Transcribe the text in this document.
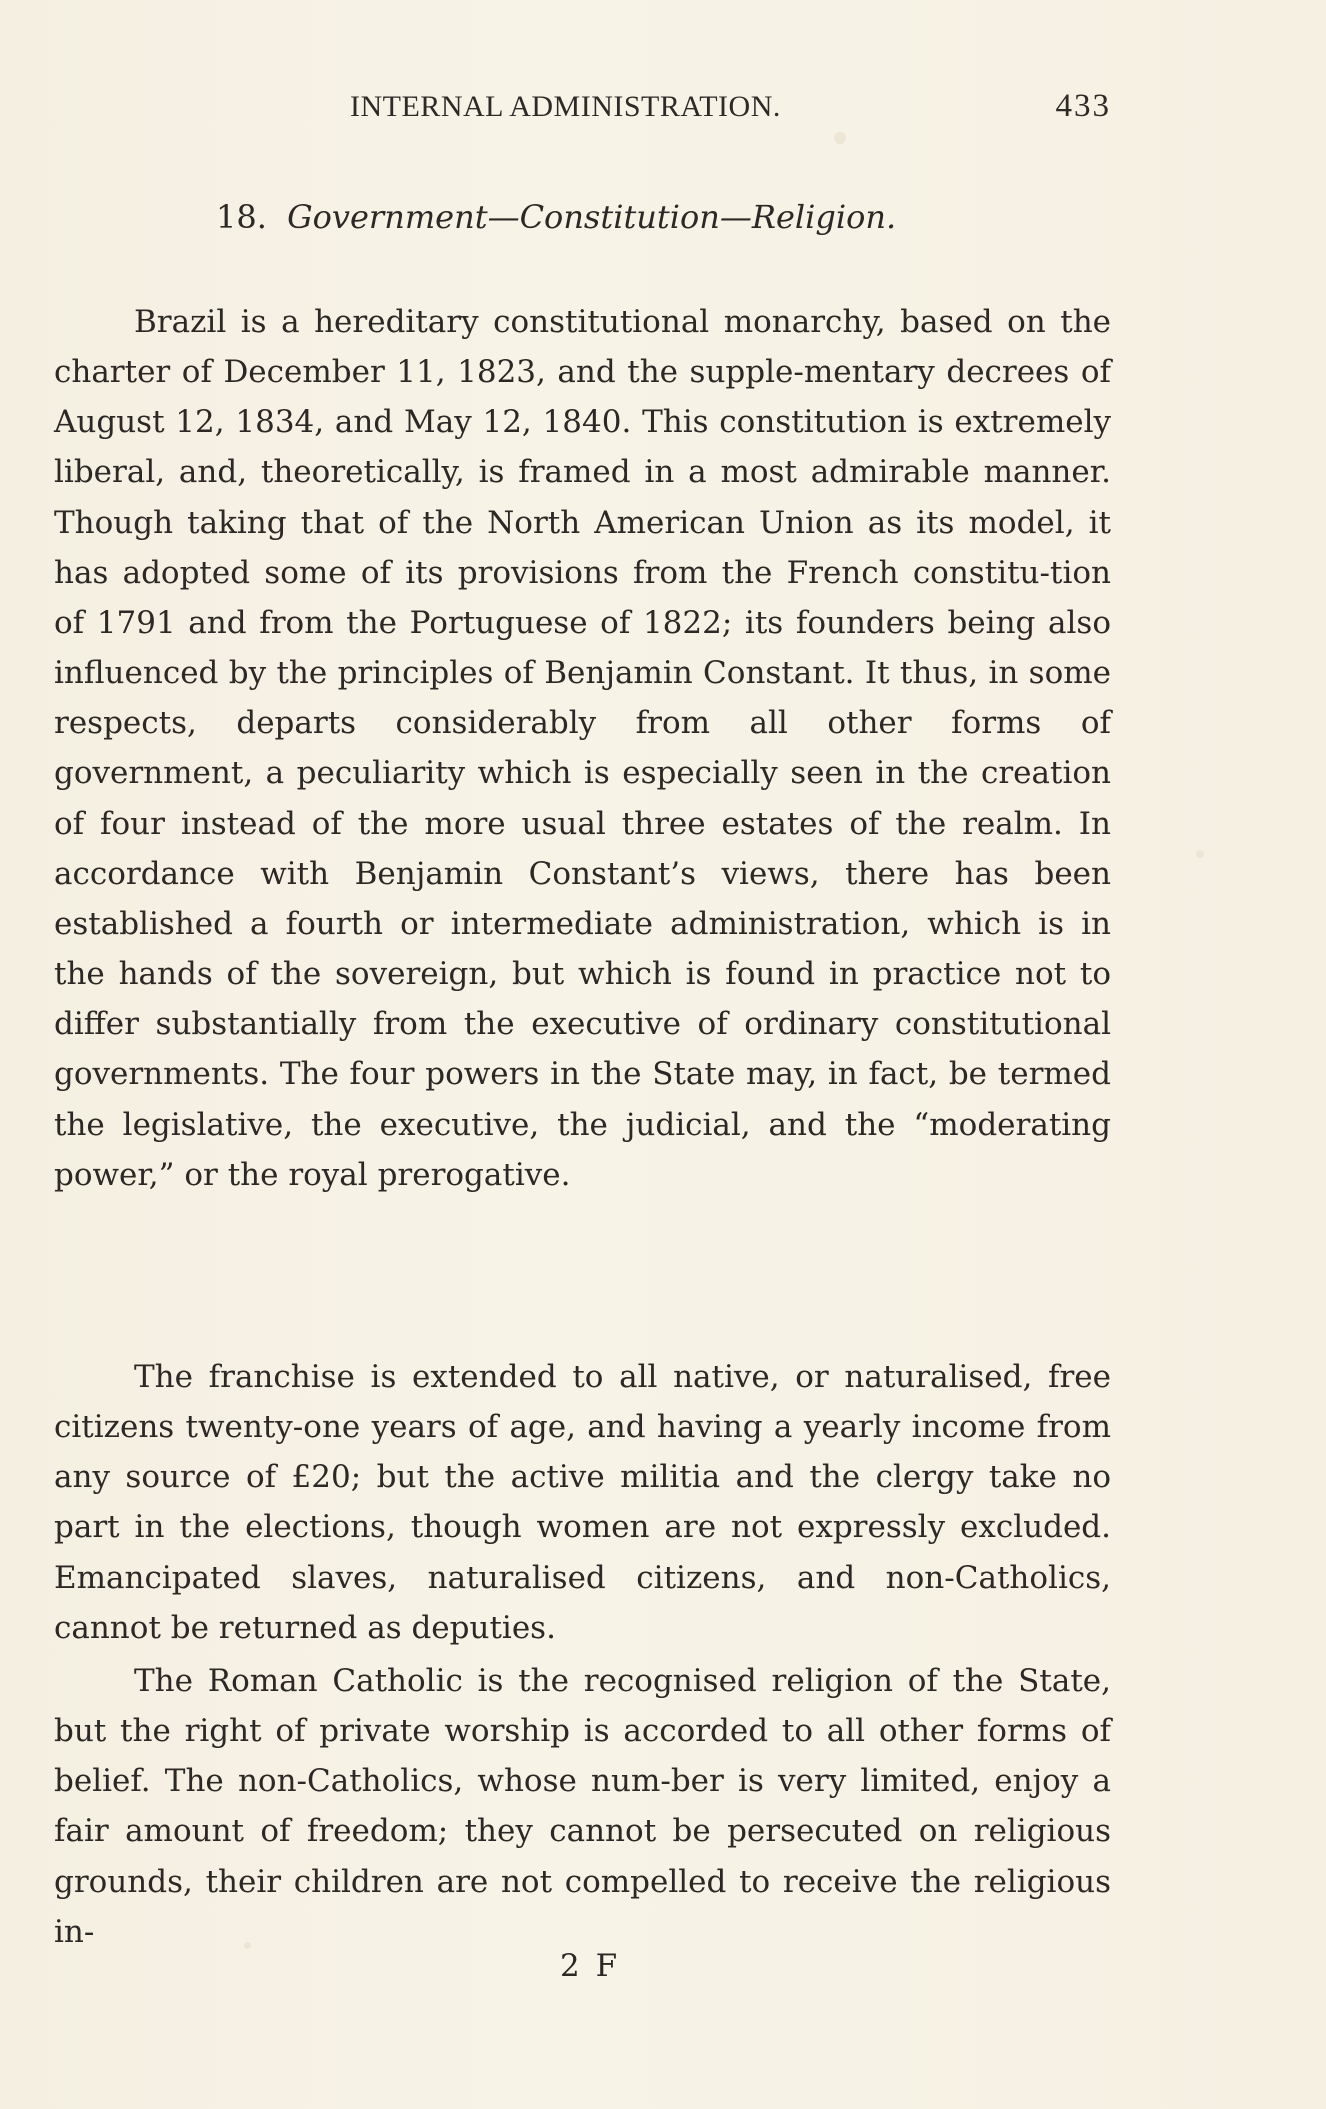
INTERNAL ADMINISTRATION.	433
18. Government—Constitution—Religion.

Brazil is a hereditary constitutional monarchy, based on the charter of December 11, 1823, and the supple-mentary decrees of August 12, 1834, and May 12, 1840. This constitution is extremely liberal, and, theoretically, is framed in a most admirable manner. Though taking that of the North American Union as its model, it has adopted some of its provisions from the French constitu-tion of 1791 and from the Portuguese of 1822; its founders being also influenced by the principles of Benjamin Constant. It thus, in some respects, departs considerably from all other forms of government, a peculiarity which is especially seen in the creation of four instead of the more usual three estates of the realm. In accordance with Benjamin Constant’s views, there has been established a fourth or intermediate administration, which is in the hands of the sovereign, but which is found in practice not to differ substantially from the executive of ordinary constitutional governments. The four powers in the State may, in fact, be termed the legislative, the executive, the judicial, and the “moderating power,” or the royal prerogative.

The franchise is extended to all native, or naturalised, free citizens twenty-one years of age, and having a yearly income from any source of £20; but the active militia and the clergy take no part in the elections, though women are not expressly excluded. Emancipated slaves, naturalised citizens, and non-Catholics, cannot be returned as deputies.

The Roman Catholic is the recognised religion of the State, but the right of private worship is accorded to all other forms of belief. The non-Catholics, whose num-ber is very limited, enjoy a fair amount of freedom; they cannot be persecuted on religious grounds, their children are not compelled to receive the religious in-

2 F
